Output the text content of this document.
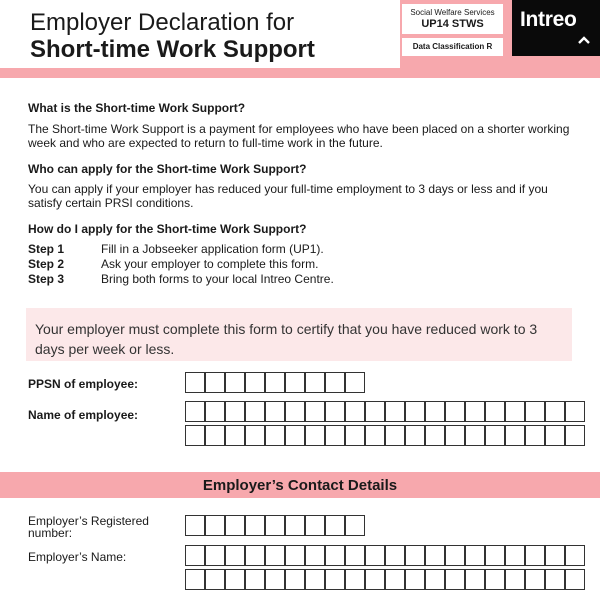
Employer Declaration for
Short-time Work Support
Social Welfare Services
UP14 STWS
Data Classification R
Intreo
What is the Short-time Work Support?
The Short-time Work Support is a payment for employees who have been placed on a shorter working week and who are expected to return to full-time work in the future.
Who can apply for the Short-time Work Support?
You can apply if your employer has reduced your full-time employment to 3 days or less and if you satisfy certain PRSI conditions.
How do I apply for the Short-time Work Support?
Step 1	Fill in a Jobseeker application form (UP1).
Step 2	Ask your employer to complete this form.
Step 3	Bring both forms to your local Intreo Centre.
Your employer must complete this form to certify that you have reduced work to 3 days per week or less.
PPSN of employee:
Name of employee:
Employer’s Contact Details
Employer’s Registered number:
Employer’s Name:
